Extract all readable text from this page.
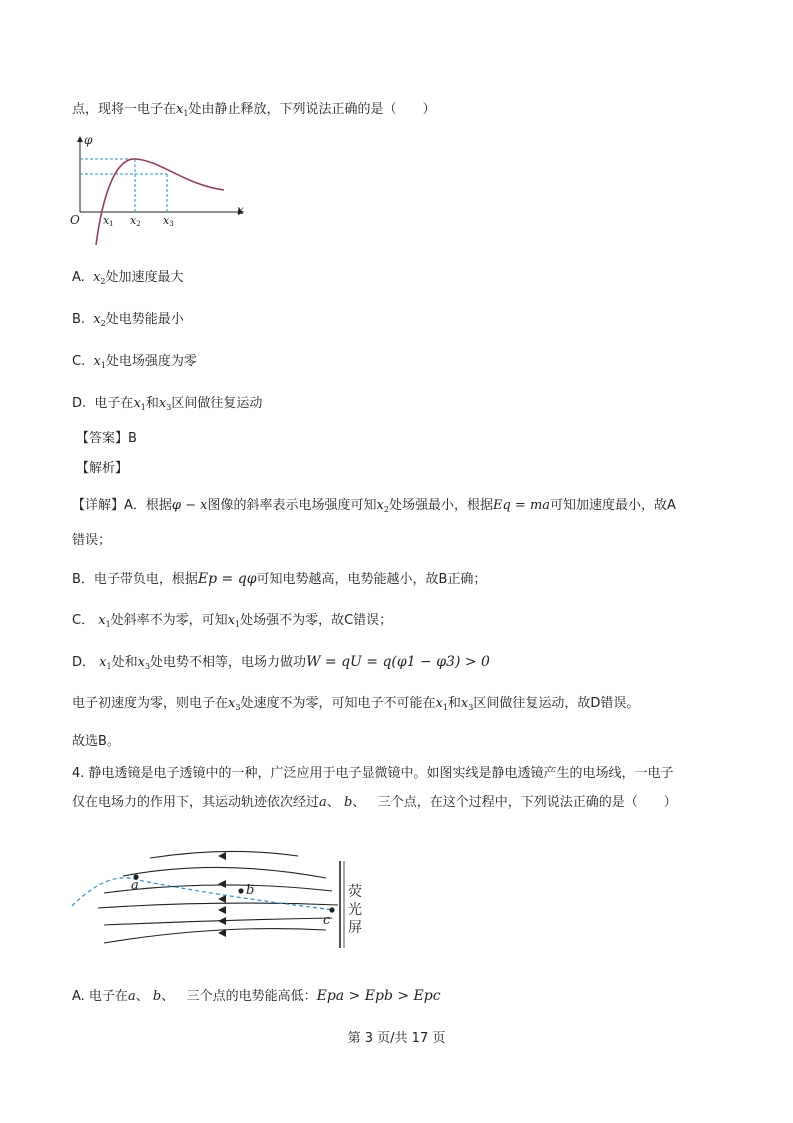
点，现将一电子在$x_1$处由静止释放，下列说法正确的是（　　）
φ
x
O x1 x2 x3
A. $x_2$处加速度最大
B. $x_2$处电势能最小
C. $x_1$处电场强度为零
D. 电子在$x_1$和$x_3$区间做往复运动
【答案】B
【解析】
【详解】A．根据φ − x图像的斜率表示电场强度可知$x_2$处场强最小，根据Eq = ma可知加速度最小，故A
错误；
B．电子带负电，根据Ep = qφ可知电势越高，电势能越小，故B正确；
C． $x_1$处斜率不为零，可知$x_1$处场强不为零，故C错误；
D． $x_1$处和$x_3$处电势不相等，电场力做功W = qU = q(φ1 − φ3) > 0
电子初速度为零，则电子在$x_3$处速度不为零，可知电子不可能在$x_1$和$x_3$区间做往复运动，故D错误。
故选B。
4. 静电透镜是电子透镜中的一种，广泛应用于电子显微镜中。如图实线是静电透镜产生的电场线，一电子
仅在电场力的作用下，其运动轨迹依次经过a、 b、 三个点，在这个过程中，下列说法正确的是（　　）
a	b
c
荧
光
屏
A. 电子在a、 b、 三个点的电势能高低：Epa > Epb > Epc
第 3 页/共 17 页
